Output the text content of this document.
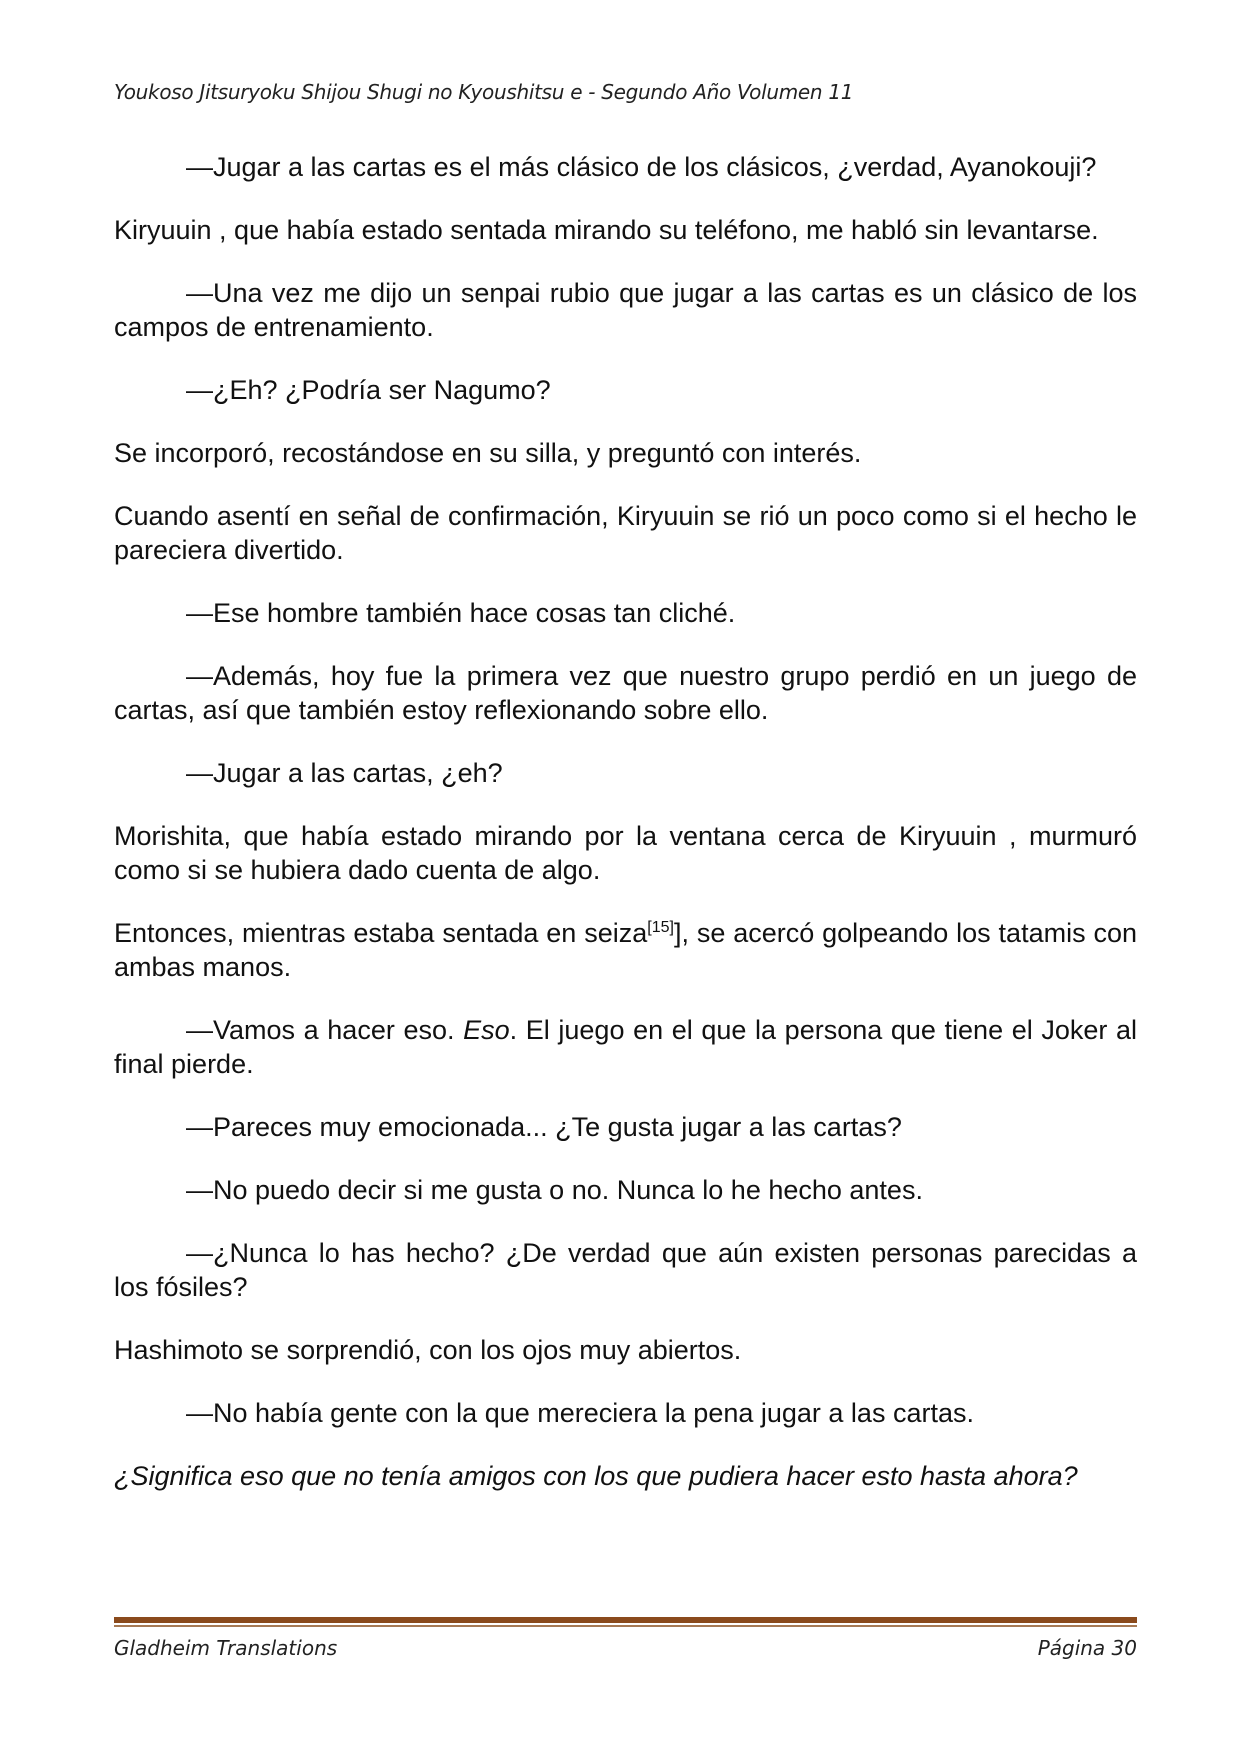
Youkoso Jitsuryoku Shijou Shugi no Kyoushitsu e - Segundo Año Volumen 11

—Jugar a las cartas es el más clásico de los clásicos, ¿verdad, Ayanokouji?

Kiryuuin , que había estado sentada mirando su teléfono, me habló sin levantarse.

—Una vez me dijo un senpai rubio que jugar a las cartas es un clásico de los campos de entrenamiento.

—¿Eh? ¿Podría ser Nagumo?

Se incorporó, recostándose en su silla, y preguntó con interés.

Cuando asentí en señal de confirmación, Kiryuuin se rió un poco como si el hecho le pareciera divertido.

—Ese hombre también hace cosas tan cliché.

—Además, hoy fue la primera vez que nuestro grupo perdió en un juego de cartas, así que también estoy reflexionando sobre ello.

—Jugar a las cartas, ¿eh?

Morishita, que había estado mirando por la ventana cerca de Kiryuuin , murmuró como si se hubiera dado cuenta de algo.

Entonces, mientras estaba sentada en seiza[15]], se acercó golpeando los tatamis con ambas manos.

—Vamos a hacer eso. Eso. El juego en el que la persona que tiene el Joker al final pierde.

—Pareces muy emocionada... ¿Te gusta jugar a las cartas?

—No puedo decir si me gusta o no. Nunca lo he hecho antes.

—¿Nunca lo has hecho? ¿De verdad que aún existen personas parecidas a los fósiles?

Hashimoto se sorprendió, con los ojos muy abiertos.

—No había gente con la que mereciera la pena jugar a las cartas.

¿Significa eso que no tenía amigos con los que pudiera hacer esto hasta ahora?

Gladheim Translations	Página 30
